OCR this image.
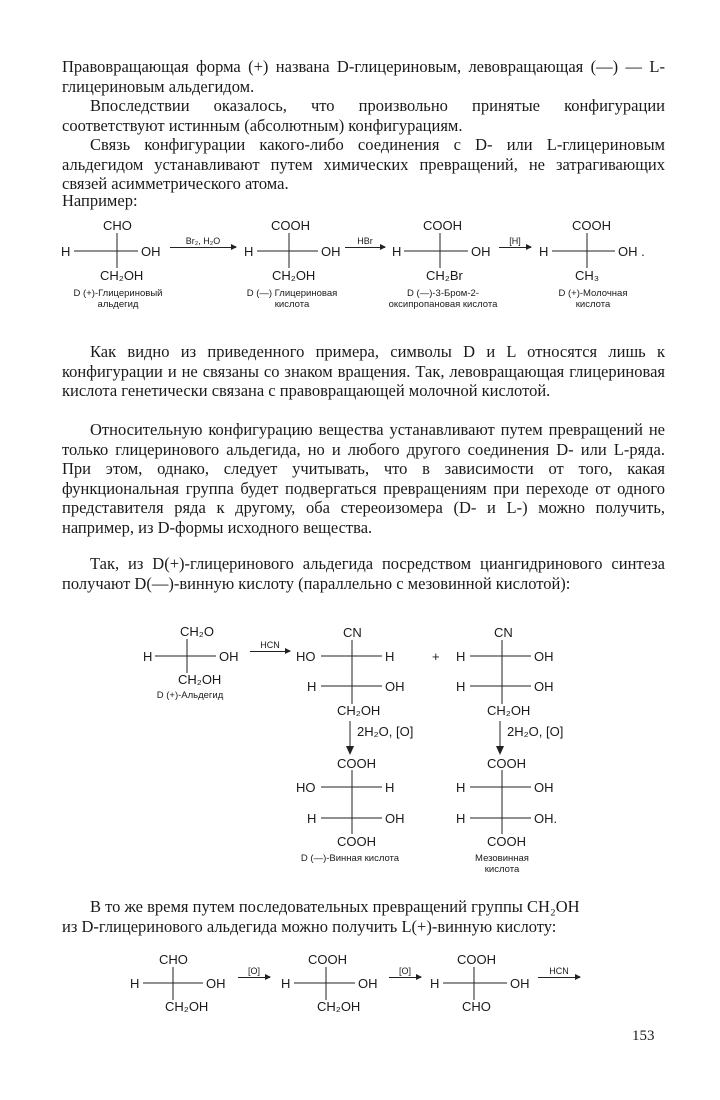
Правовращающая форма (+) названа D-глицериновым, левовращающая (—) — L-глицериновым альдегидом.

Впоследствии оказалось, что произвольно принятые конфигурации соответствуют истинным (абсолютным) конфигурациям.

Связь конфигурации какого-либо соединения с D- или L-глицериновым альдегидом устанавливают путем химических превращений, не затрагивающих связей асимметрического атома.

Например:

CHO
H	OH
CH₂OH
D (+)-Глицериновый альдегид
Br₂, H₂O
COOH
H	OH
CH₂OH
D (—) Глицериновая кислота
HBr
COOH
H	OH
CH₂Br
D (—)-3-Бром-2-оксипропановая кислота
[H]
COOH
H	OH .
CH₃
D (+)-Молочная кислота

Как видно из приведенного примера, символы D и L относятся лишь к конфигурации и не связаны со знаком вращения. Так, левовращающая глицериновая кислота генетически связана с правовращающей молочной кислотой.

Относительную конфигурацию вещества устанавливают путем превращений не только глицеринового альдегида, но и любого другого соединения D- или L-ряда. При этом, однако, следует учитывать, что в зависимости от того, какая функциональная группа будет подвергаться превращениям при переходе от одного представителя ряда к другому, оба стереоизомера (D- и L-) можно получить, например, из D-формы исходного вещества.

Так, из D(+)-глицеринового альдегида посредством циангидринового синтеза получают D(—)-винную кислоту (параллельно с мезовинной кислотой):

CH₂O
H	OH
CH₂OH
D (+)-Альдегид
HCN
CN
HO	H
H	OH
CH₂OH
+
CN
H	OH
H	OH
CH₂OH
2H₂O, [O]	2H₂O, [O]
COOH
HO	H
H	OH
COOH
D (—)-Винная кислота
COOH
H	OH
H	OH.
COOH
Мезовинная кислота

В то же время путем последовательных превращений группы CH₂OH

из D-глицеринового альдегида можно получить L(+)-винную кислоту:

CHO
H	OH
CH₂OH
[O]
COOH
H	OH
CH₂OH
[O]
COOH
H	OH
CHO
HCN
153
